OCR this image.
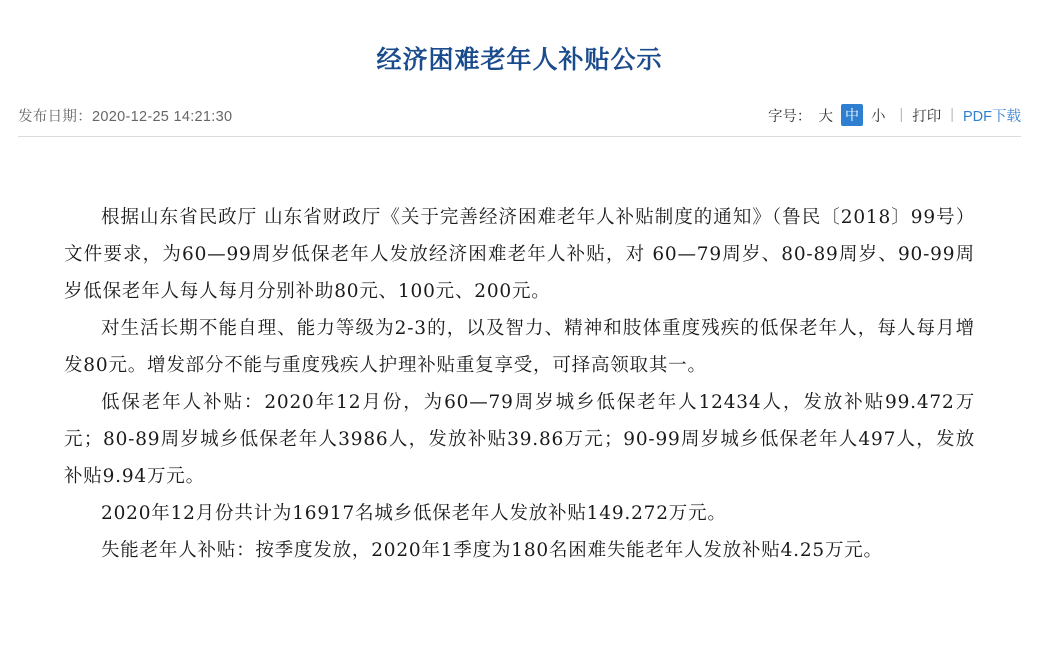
经济困难老年人补贴公示
发布日期：2020-12-25 14:21:30	字号： 大 中 小 | 打印 | PDF下载

根据山东省民政厅 山东省财政厅《关于完善经济困难老年人补贴制度的通知》（鲁民〔2018〕99号）文件要求，为60—99周岁低保老年人发放经济困难老年人补贴，对 60—79周岁、80-89周岁、90-99周岁低保老年人每人每月分别补助80元、100元、200元。

对生活长期不能自理、能力等级为2-3的，以及智力、精神和肢体重度残疾的低保老年人，每人每月增发80元。增发部分不能与重度残疾人护理补贴重复享受，可择高领取其一。

低保老年人补贴：2020年12月份，为60—79周岁城乡低保老年人12434人，发放补贴99.472万元；80-89周岁城乡低保老年人3986人，发放补贴39.86万元；90-99周岁城乡低保老年人497人，发放补贴9.94万元。

2020年12月份共计为16917名城乡低保老年人发放补贴149.272万元。

失能老年人补贴：按季度发放，2020年1季度为180名困难失能老年人发放补贴4.25万元。
